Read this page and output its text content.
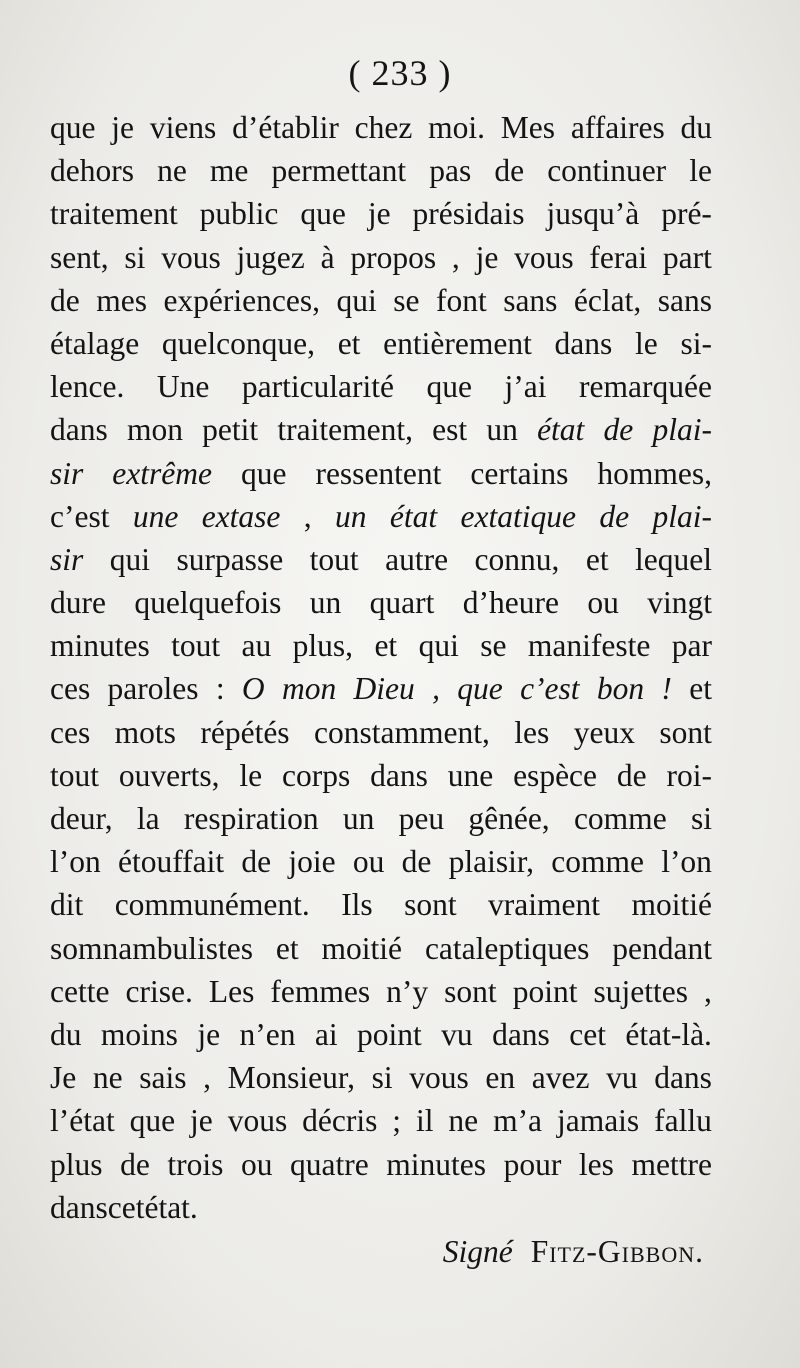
( 233 )
que je viens d’établir chez moi. Mes affaires du
dehors ne me permettant pas de continuer le
traitement public que je présidais jusqu’à pré-
sent, si vous jugez à propos , je vous ferai part
de mes expériences, qui se font sans éclat, sans
étalage quelconque, et entièrement dans le si-
lence. Une particularité que j’ai remarquée
dans mon petit traitement, est un état de plai-
sir extrême que ressentent certains hommes,
c’est une extase , un état extatique de plai-
sir qui surpasse tout autre connu, et lequel
dure quelquefois un quart d’heure ou vingt
minutes tout au plus, et qui se manifeste par
ces paroles : O mon Dieu , que c’est bon ! et
ces mots répétés constamment, les yeux sont
tout ouverts, le corps dans une espèce de roi-
deur, la respiration un peu gênée, comme si
l’on étouffait de joie ou de plaisir, comme l’on
dit communément. Ils sont vraiment moitié
somnambulistes et moitié cataleptiques pendant
cette crise. Les femmes n’y sont point sujettes ,
du moins je n’en ai point vu dans cet état-là.
Je ne sais , Monsieur, si vous en avez vu dans
l’état que je vous décris ; il ne m’a jamais fallu
plus de trois ou quatre minutes pour les mettre
dans cet état.
Signé Fitz-Gibbon.
